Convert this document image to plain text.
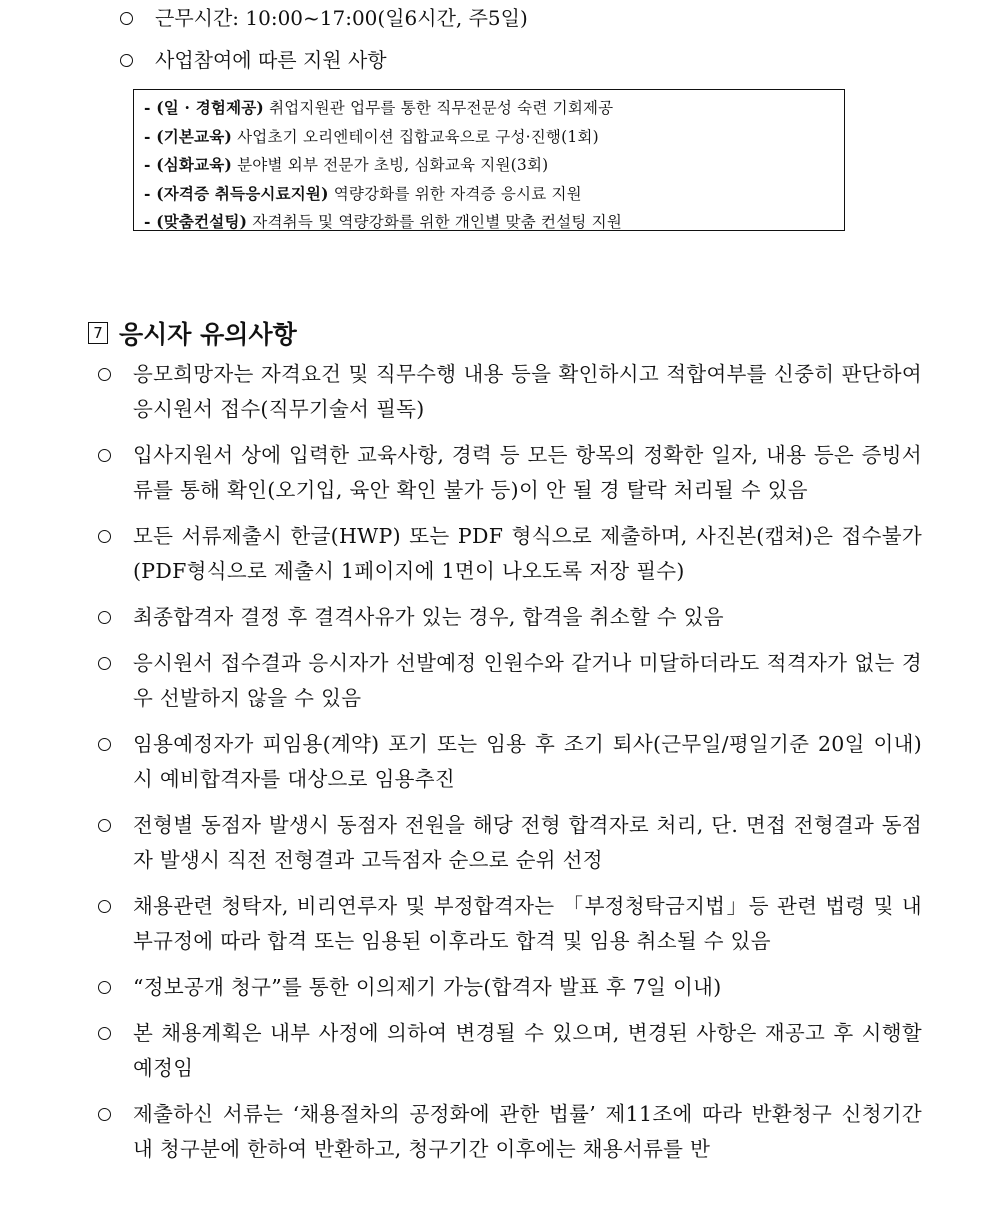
근무시간: 10:00~17:00(일6시간, 주5일)
사업참여에 따른 지원 사항
- (일 · 경험제공) 취업지원관 업무를 통한 직무전문성 숙련 기회제공
- (기본교육) 사업초기 오리엔테이션 집합교육으로 구성·진행(1회)
- (심화교육) 분야별 외부 전문가 초빙, 심화교육 지원(3회)
- (자격증 취득응시료지원) 역량강화를 위한 자격증 응시료 지원
- (맞춤컨설팅) 자격취득 및 역량강화를 위한 개인별 맞춤 컨설팅 지원
7 응시자 유의사항
응모희망자는 자격요건 및 직무수행 내용 등을 확인하시고 적합여부를 신중히 판단하여 응시원서 접수(직무기술서 필독)
입사지원서 상에 입력한 교육사항, 경력 등 모든 항목의 정확한 일자, 내용 등은 증빙서류를 통해 확인(오기입, 육안 확인 불가 등)이 안 될 경 탈락 처리될 수 있음
모든 서류제출시 한글(HWP) 또는 PDF 형식으로 제출하며, 사진본(캡쳐)은 접수불가(PDF형식으로 제출시 1페이지에 1면이 나오도록 저장 필수)
최종합격자 결정 후 결격사유가 있는 경우, 합격을 취소할 수 있음
응시원서 접수결과 응시자가 선발예정 인원수와 같거나 미달하더라도 적격자가 없는 경우 선발하지 않을 수 있음
임용예정자가 피임용(계약) 포기 또는 임용 후 조기 퇴사(근무일/평일기준 20일 이내)시 예비합격자를 대상으로 임용추진
전형별 동점자 발생시 동점자 전원을 해당 전형 합격자로 처리, 단. 면접 전형결과 동점자 발생시 직전 전형결과 고득점자 순으로 순위 선정
채용관련 청탁자, 비리연루자 및 부정합격자는 「부정청탁금지법」등 관련 법령 및 내부규정에 따라 합격 또는 임용된 이후라도 합격 및 임용 취소될 수 있음
“정보공개 청구”를 통한 이의제기 가능(합격자 발표 후 7일 이내)
본 채용계획은 내부 사정에 의하여 변경될 수 있으며, 변경된 사항은 재공고 후 시행할 예정임
제출하신 서류는 ‘채용절차의 공정화에 관한 법률’ 제11조에 따라 반환청구 신청기간 내 청구분에 한하여 반환하고, 청구기간 이후에는 채용서류를 반
